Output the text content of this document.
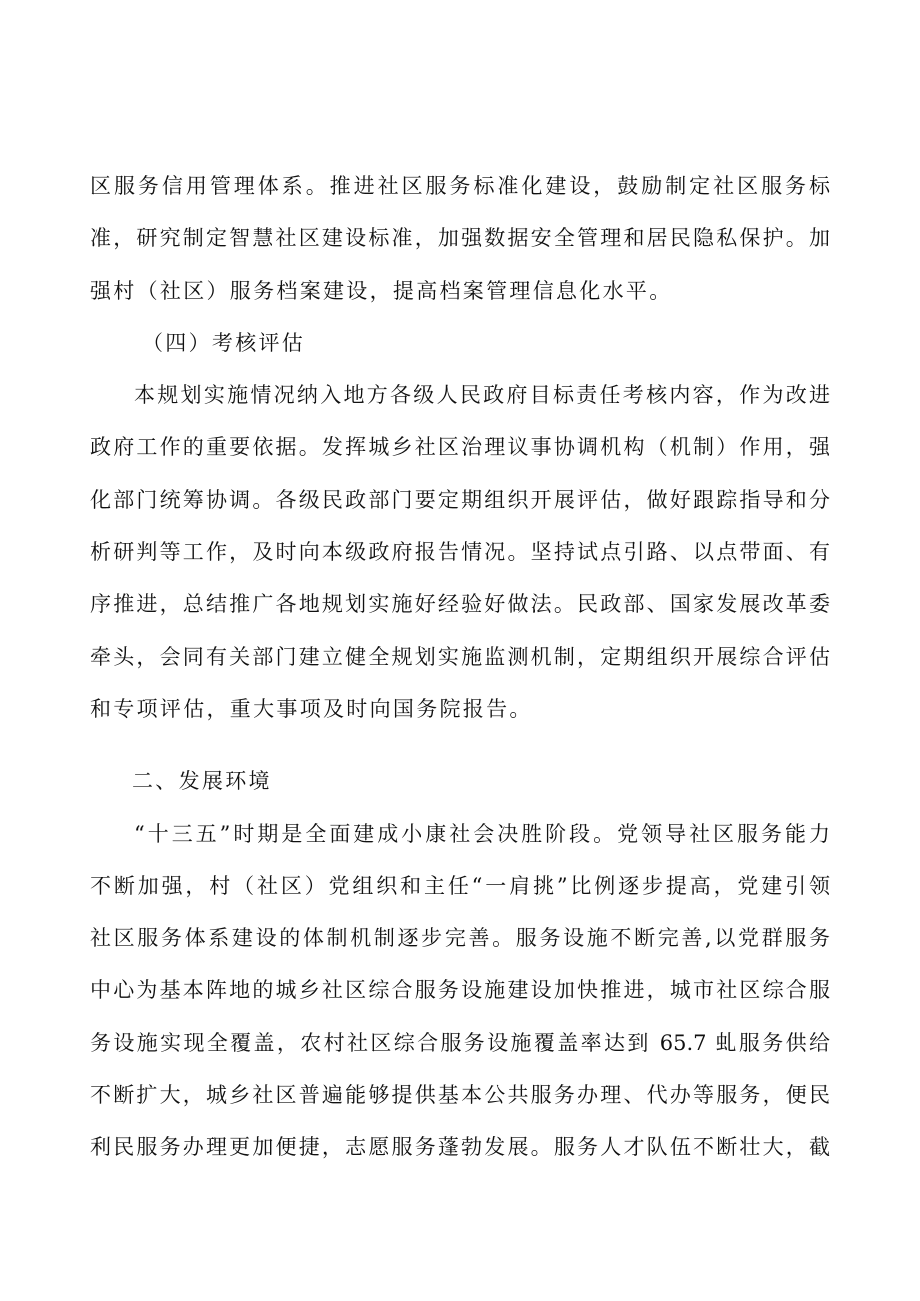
区服务信用管理体系。推进社区服务标准化建设，鼓励制定社区服务标
准，研究制定智慧社区建设标准，加强数据安全管理和居民隐私保护。加
强村（社区）服务档案建设，提高档案管理信息化水平。
（四）考核评估
本规划实施情况纳入地方各级人民政府目标责任考核内容，作为改进
政府工作的重要依据。发挥城乡社区治理议事协调机构（机制）作用，强
化部门统筹协调。各级民政部门要定期组织开展评估，做好跟踪指导和分
析研判等工作，及时向本级政府报告情况。坚持试点引路、以点带面、有
序推进，总结推广各地规划实施好经验好做法。民政部、国家发展改革委
牵头，会同有关部门建立健全规划实施监测机制，定期组织开展综合评估
和专项评估，重大事项及时向国务院报告。
二、发展环境
“十三五”时期是全面建成小康社会决胜阶段。党领导社区服务能力
不断加强，村（社区）党组织和主任“一肩挑”比例逐步提高，党建引领
社区服务体系建设的体制机制逐步完善。服务设施不断完善,以党群服务
中心为基本阵地的城乡社区综合服务设施建设加快推进，城市社区综合服
务设施实现全覆盖，农村社区综合服务设施覆盖率达到 65.7 虬服务供给
不断扩大，城乡社区普遍能够提供基本公共服务办理、代办等服务，便民
利民服务办理更加便捷，志愿服务蓬勃发展。服务人才队伍不断壮大，截
